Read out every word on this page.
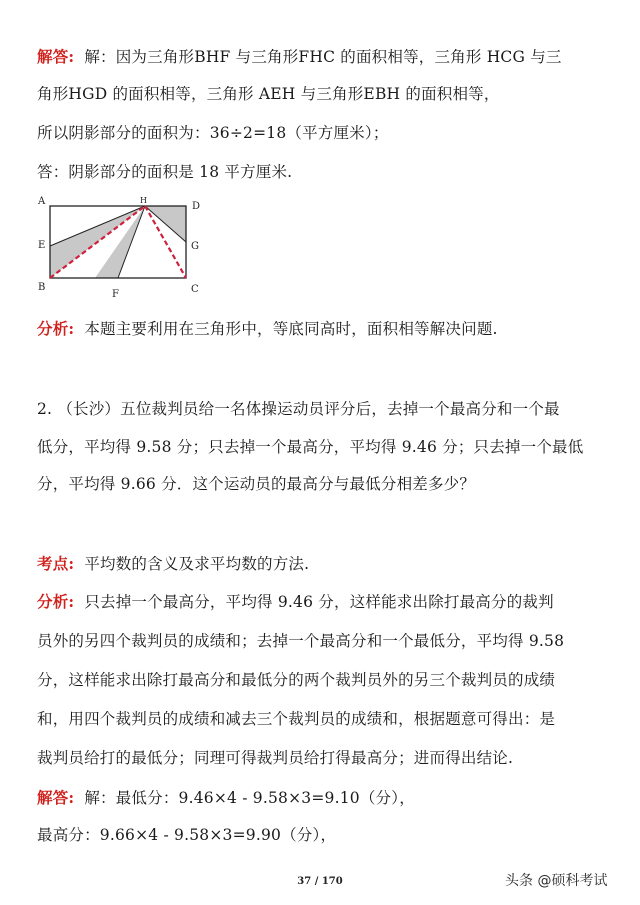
解答: 解：因为三角形BHF 与三角形FHC 的面积相等，三角形 HCG 与三
角形HGD 的面积相等，三角形 AEH 与三角形EBH 的面积相等，
所以阴影部分的面积为：36÷2=18（平方厘米）；
答：阴影部分的面积是 18 平方厘米.
A	H
D
E	G
B
F	C
分析: 本题主要利用在三角形中，等底同高时，面积相等解决问题.
2. （长沙）五位裁判员给一名体操运动员评分后，去掉一个最高分和一个最
低分，平均得 9.58 分；只去掉一个最高分，平均得 9.46 分；只去掉一个最低
分，平均得 9.66 分．这个运动员的最高分与最低分相差多少？
考点: 平均数的含义及求平均数的方法.
分析: 只去掉一个最高分，平均得 9.46 分，这样能求出除打最高分的裁判
员外的另四个裁判员的成绩和；去掉一个最高分和一个最低分，平均得 9.58
分，这样能求出除打最高分和最低分的两个裁判员外的另三个裁判员的成绩
和，用四个裁判员的成绩和减去三个裁判员的成绩和，根据题意可得出：是
裁判员给打的最低分；同理可得裁判员给打得最高分；进而得出结论.
解答: 解：最低分：9.46×4 - 9.58×3=9.10（分），
最高分：9.66×4 - 9.58×3=9.90（分），
37 / 170	头条 @硕科考试
